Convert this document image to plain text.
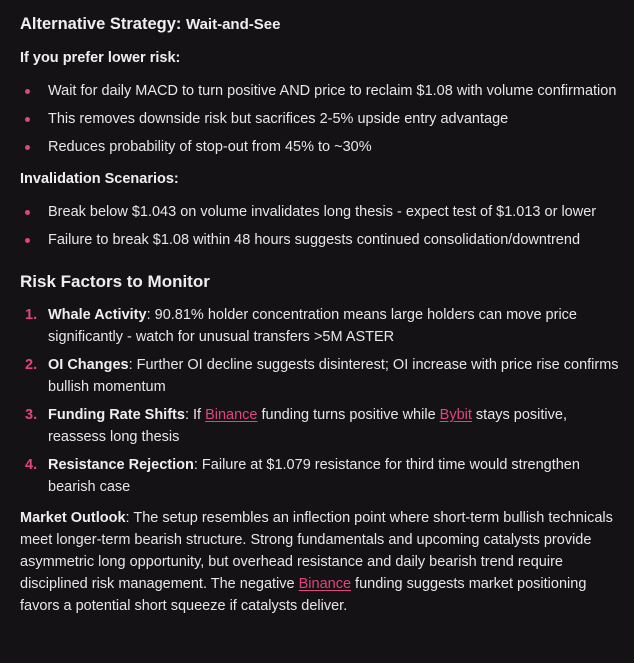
Alternative Strategy: Wait-and-See

If you prefer lower risk:

Wait for daily MACD to turn positive AND price to reclaim $1.08 with volume confirmation
This removes downside risk but sacrifices 2-5% upside entry advantage
Reduces probability of stop-out from 45% to ~30%

Invalidation Scenarios:

Break below $1.043 on volume invalidates long thesis - expect test of $1.013 or lower
Failure to break $1.08 within 48 hours suggests continued consolidation/downtrend
Risk Factors to Monitor
1. Whale Activity: 90.81% holder concentration means large holders can move price significantly - watch for unusual transfers >5M ASTER
2. OI Changes: Further OI decline suggests disinterest; OI increase with price rise confirms bullish momentum
3. Funding Rate Shifts: If Binance funding turns positive while Bybit stays positive, reassess long thesis
4. Resistance Rejection: Failure at $1.079 resistance for third time would strengthen bearish case

Market Outlook: The setup resembles an inflection point where short-term bullish technicals meet longer-term bearish structure. Strong fundamentals and upcoming catalysts provide asymmetric long opportunity, but overhead resistance and daily bearish trend require disciplined risk management. The negative Binance funding suggests market positioning favors a potential short squeeze if catalysts deliver.
